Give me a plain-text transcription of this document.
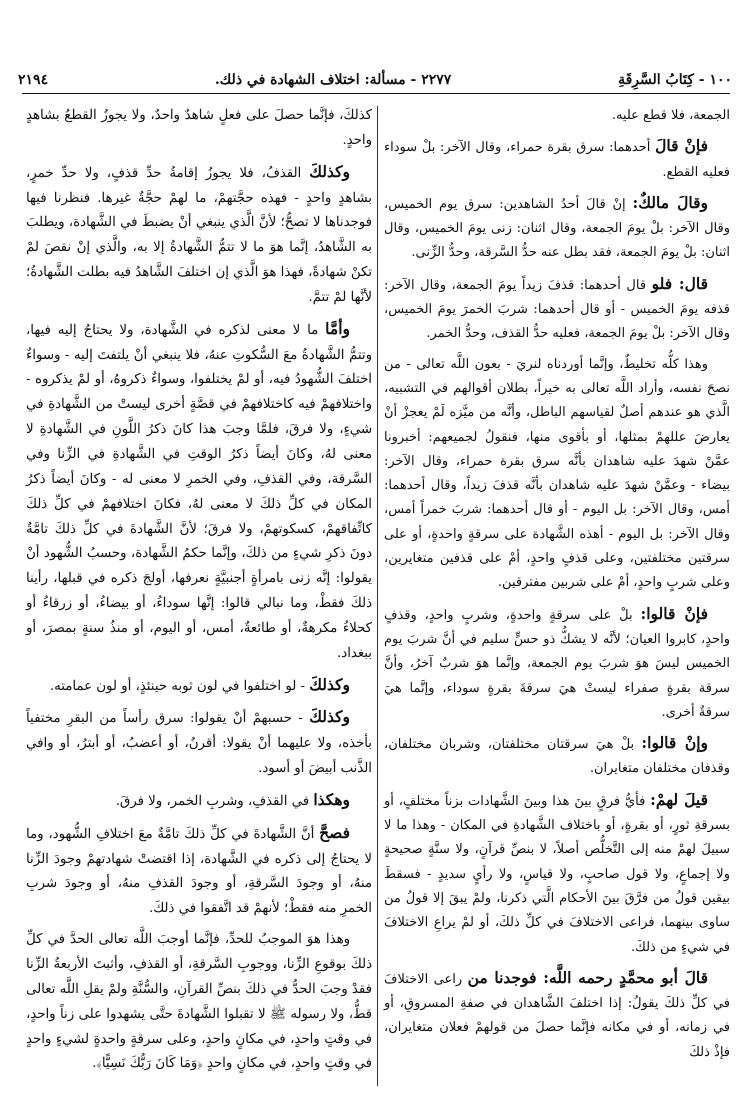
١٠٠ - كِتَابُ السَّرِقَةِ
٢٢٧٧ - مسألة: اختلاف الشهادة في ذلك.
٢١٩٤

الجمعة، فلا قطع عليه.

فإنْ قالَ أحدهما: سرق بقرة حمراء، وقال الآخر: بلْ سوداء فعليه القطع.

وقالَ مالكٌ: إنْ قالَ أحدُ الشاهدين: سرق يوم الخميس، وقال الآخر: بلْ يومَ الجمعة، وقال اثنان: زنى يومَ الخميس، وقال اثنان: بلْ يومَ الجمعة، فقد بطل عنه حدُّ السَّرقة، وحدُّ الزِّنى.

قال: فلو قال أحدهما: قذفَ زيداً يومَ الجمعة، وقال الآخر: قذفه يومَ الخميس - أو قال أحدهما: شربَ الخمرَ يومَ الخميس، وقال الآخر: بلْ يومَ الجمعة، فعليه حدُّ القذف، وحدُّ الخمر.

وهذا كلُّه تخليطٌ، وإنَّما أوردناه لنريَ - بعون اللَّه تعالى - من نصحَ نفسه، وأراد اللَّه تعالى به خيراً، بطلان أقوالهم في التشبيه، الَّذي هو عندهم أصلٌ لقياسهم الباطل، وأنَّه من ميَّزه لَمْ يعجزْ أنْ يعارضَ عللهمْ بمثلها، أو بأقوى منها، فنقولُ لجميعهم: أخبرونا عمَّنْ شهدَ عليه شاهدان بأنَّه سرق بقرة حمراء، وقال الآخر: بيضاء - وعمَّنْ شهدَ عليه شاهدان بأنَّه قذفَ زيداً، وقال أحدهما: أمس، وقال الآخر: بل اليوم - أو قال أحدهما: شربَ خمراً أمس، وقال الآخر: بل اليوم - أهذه الشَّهادة على سرقةٍ واحدةٍ، أو على سرقتين مختلفتين، وعلى قذفٍ واحدٍ، أمْ على قذفين متغايرين، وعلى شربٍ واحدٍ، أمْ على شربين مفترقين.

فإنْ قالوا: بلْ على سرقةٍ واحدةٍ، وشربٍ واحدٍ، وقذفٍ واحدٍ، كابروا العيان؛ لأنَّه لا يشكُّ ذو حسٍّ سليم في أنَّ شربَ يوم الخميس ليسَ هوَ شربَ يوم الجمعة، وإنَّما هوَ شربٌ آخرُ، وأنَّ سرقة بقرةٍ صفراء ليستْ هيَ سرقةَ بقرةٍ سوداء، وإنَّما هيَ سرقةٌ أخرى.

وإنْ قالوا: بلْ هيَ سرقتان مختلفتان، وشربان مختلفان، وقذفان مختلفان متغايران.

قيلَ لهمْ: فأيُّ فرقٍ بينَ هذا وبينَ الشَّهادات بزناً مختلفٍ، أو بسرقةِ ثورٍ، أو بقرةٍ، أو باختلاف الشَّهادةِ في المكان - وهذا ما لا سبيلَ لهمْ منه إلى التَّخلُّص أصلاً، لا بنصِّ قرآنٍ، ولا سنَّةٍ صحيحةٍ ولا إجماعٍ، ولا قول صاحبٍ، ولا قياسٍ، ولا رأيٍ سديدٍ - فسقطَ بيقين قولُ من فرَّقَ بينَ الأحكام الَّتي ذكرنا، ولمْ يبقَ إلا قولُ من ساوى بينهما، فراعى الاختلافَ في كلِّ ذلكَ، أو لمْ يراعِ الاختلافَ في شيءٍ من ذلكَ.

قالَ أبو محمَّدٍ رحمه اللَّه: فوجدنا من راعى الاختلافَ في كلِّ ذلكَ يقولُ: إذا اختلفَ الشَّاهدان في صفةِ المسروقِ، أو في زمانه، أو في مكانه فإنَّما حصلَ من قولهمْ فعلان متغايران، فإذْ ذلكَ

كذلكَ، فإنَّما حصلَ على فعلٍ شاهدٌ واحدٌ، ولا يجوزُ القطعُ بشاهدٍ واحدٍ.

وكذلكَ القذفُ، فلا يجوزُ إقامةُ حدِّ قذفٍ، ولا حدِّ خمرٍ، بشاهدٍ واحدٍ - فهذه حجَّتهمْ، ما لهمْ حجَّةٌ غيرها. فنظرنا فيها فوجدناها لا تصحُّ؛ لأنَّ الَّذي ينبغي أنْ يضبطَ في الشَّهادة، ويطلبَ به الشَّاهدُ، إنَّما هوَ ما لا تتمُّ الشَّهادةُ إلا به، والَّذي إنْ نقصَ لمْ تكنْ شهادةً، فهذا هوَ الَّذي إن اختلفَ الشَّاهدُ فيه بطلت الشَّهادةُ؛ لأنَّها لمْ تتمَّ.

وأمَّا ما لا معنى لذكره في الشَّهادة، ولا يحتاجُ إليه فيها، وتتمُّ الشَّهادةُ معَ السُّكوتِ عنهُ، فلا ينبغي أنْ يلتفتَ إليه - وسواءٌ اختلفَ الشُّهودُ فيه، أو لمْ يختلفوا، وسواءٌ ذكروهُ، أو لمْ يذكروه - واختلافهمْ فيه كاختلافهمْ في قصَّةٍ أخرى ليستْ من الشَّهادةِ في شيءٍ، ولا فرقَ، فلمَّا وجبَ هذا كانَ ذكرُ اللَّونِ في الشَّهادةِ لا معنى لهُ، وكانَ أيضاً ذكرُ الوقتِ في الشَّهادةِ في الزِّنا وفي السَّرقة، وفي القذفِ، وفي الخمرِ لا معنى له - وكانَ أيضاً ذكرُ المكان في كلِّ ذلكَ لا معنى لهُ، فكانَ اختلافهمْ في كلِّ ذلكَ كاتِّفاقهمْ، كسكوتهمْ، ولا فرقَ؛ لأنَّ الشَّهادةَ في كلِّ ذلكَ تامَّةٌ دونَ ذكرِ شيءٍ من ذلكَ، وإنَّما حكمُ الشَّهادة، وحسبُ الشُّهود أنْ يقولوا: إنَّه زنى بامرأةٍ أجنبيَّةٍ نعرفها، أولجَ ذكره في قبلها، رأينا ذلكَ فقطْ، وما نبالي قالوا: إنَّها سوداءُ، أو بيضاءُ، أو زرقاءُ أو كحلاءُ مكرهةٌ، أو طائعةٌ، أمس، أو اليوم، أو منذُ سنةٍ بمصرَ، أو ببغداد.

وكذلكَ - لو اختلفوا في لون ثوبه حينئذٍ، أو لون عمامته.

وكذلكَ - حسبهمْ أنْ يقولوا: سرق رأساً من البقرِ مختفياً بأخذه، ولا عليهما أنْ يقولا: أقرنُ، أو أعضبُ، أو أبترُ، أو وافي الذَّنب أبيضَ أو أسود.

وهكذا في القذفِ، وشربِ الخمر، ولا فرقَ.

فصحَّ أنَّ الشَّهادةَ في كلِّ ذلكَ تامَّةٌ معَ اختلافِ الشُّهود، وما لا يحتاجُ إلى ذكره في الشَّهادة، إذا اقتضتْ شهادتهمْ وجودَ الزِّنا منهُ، أو وجودَ السَّرقةِ، أو وجودَ القذفِ منهُ، أو وجودَ شربِ الخمرِ منه فقطْ؛ لأنهمْ قد اتَّفقوا في ذلكَ.

وهذا هوَ الموجبُ للحدِّ، فإنَّما أوجبَ اللَّه تعالى الحدَّ في كلِّ ذلكَ بوقوعِ الزِّنا، ووجوبِ السَّرقةِ، أو القذفِ، وأثبتَ الأربعةُ الزِّنا فقدْ وجبَ الحدُّ في ذلكَ بنصِّ القرآنِ، والسُّنَّةِ ولمْ يقلِ اللَّه تعالى قطُّ، ولا رسوله ﷺ لا تقبلوا الشَّهادةَ حتَّى يشهدوا على زناً واحدٍ، في وقتٍ واحدٍ، في مكانٍ واحدٍ، وعلى سرقةٍ واحدةٍ لشيءٍ واحدٍ في وقتٍ واحدٍ، في مكانٍ واحدٍ ﴿وَمَا كَانَ رَبُّكَ نَسِيًّا﴾.
